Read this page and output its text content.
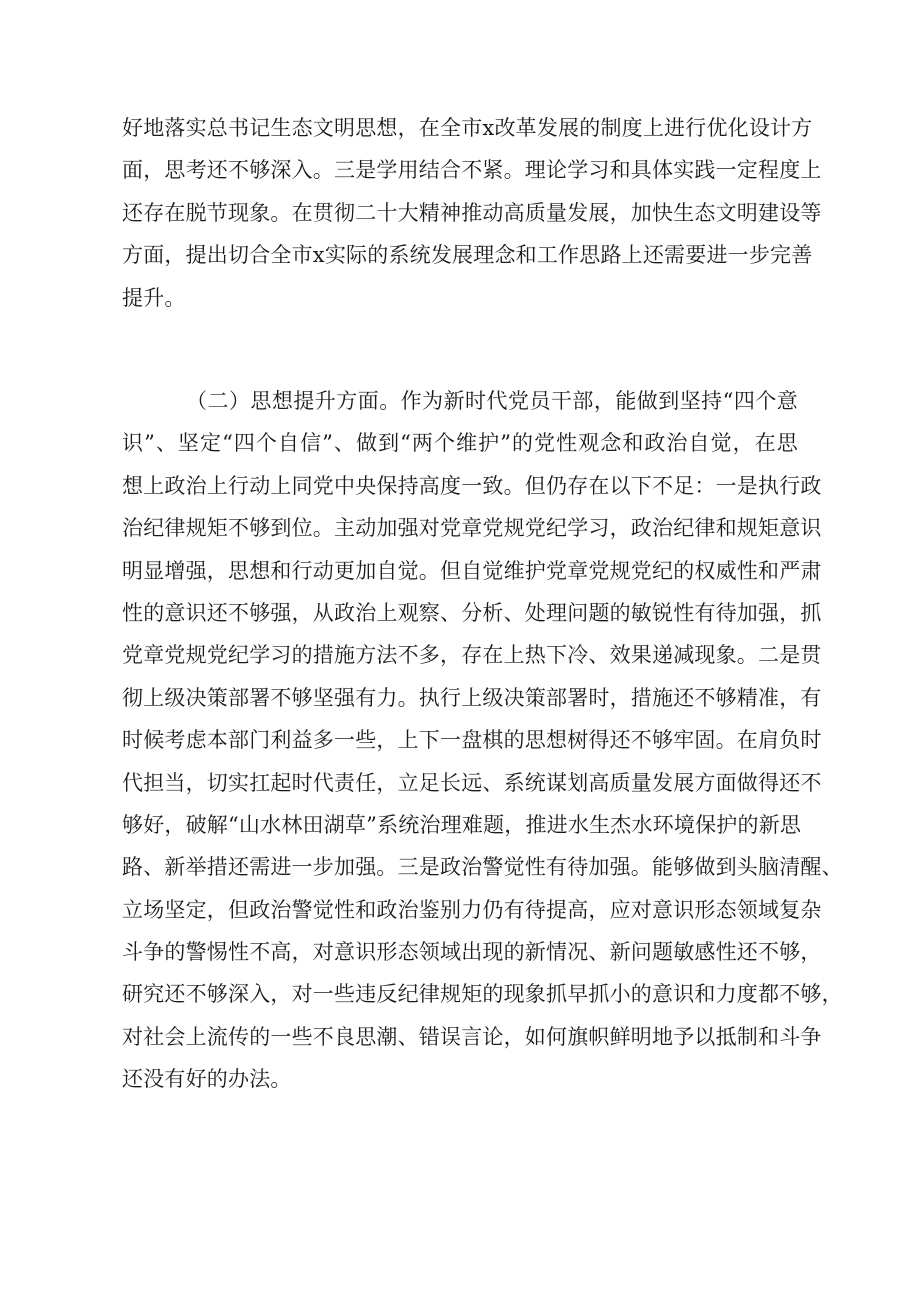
好地落实总书记生态文明思想，在全市x改革发展的制度上进行优化设计方
面，思考还不够深入。三是学用结合不紧。理论学习和具体实践一定程度上
还存在脱节现象。在贯彻二十大精神推动高质量发展，加快生态文明建设等
方面，提出切合全市x实际的系统发展理念和工作思路上还需要进一步完善
提升。
（二）思想提升方面。作为新时代党员干部，能做到坚持“四个意
识”、坚定“四个自信”、做到“两个维护”的党性观念和政治自觉，在思
想上政治上行动上同党中央保持高度一致。但仍存在以下不足：一是执行政
治纪律规矩不够到位。主动加强对党章党规党纪学习，政治纪律和规矩意识
明显增强，思想和行动更加自觉。但自觉维护党章党规党纪的权威性和严肃
性的意识还不够强，从政治上观察、分析、处理问题的敏锐性有待加强，抓
党章党规党纪学习的措施方法不多，存在上热下冷、效果递减现象。二是贯
彻上级决策部署不够坚强有力。执行上级决策部署时，措施还不够精准，有
时候考虑本部门利益多一些，上下一盘棋的思想树得还不够牢固。在肩负时
代担当，切实扛起时代责任，立足长远、系统谋划高质量发展方面做得还不
够好，破解“山水林田湖草”系统治理难题，推进水生杰水环境保护的新思
路、新举措还需进一步加强。三是政治警觉性有待加强。能够做到头脑清醒、
立场坚定，但政治警觉性和政治鉴别力仍有待提高，应对意识形态领域复杂
斗争的警惕性不高，对意识形态领域出现的新情况、新问题敏感性还不够，
研究还不够深入，对一些违反纪律规矩的现象抓早抓小的意识和力度都不够，
对社会上流传的一些不良思潮、错误言论，如何旗帜鲜明地予以抵制和斗争
还没有好的办法。
